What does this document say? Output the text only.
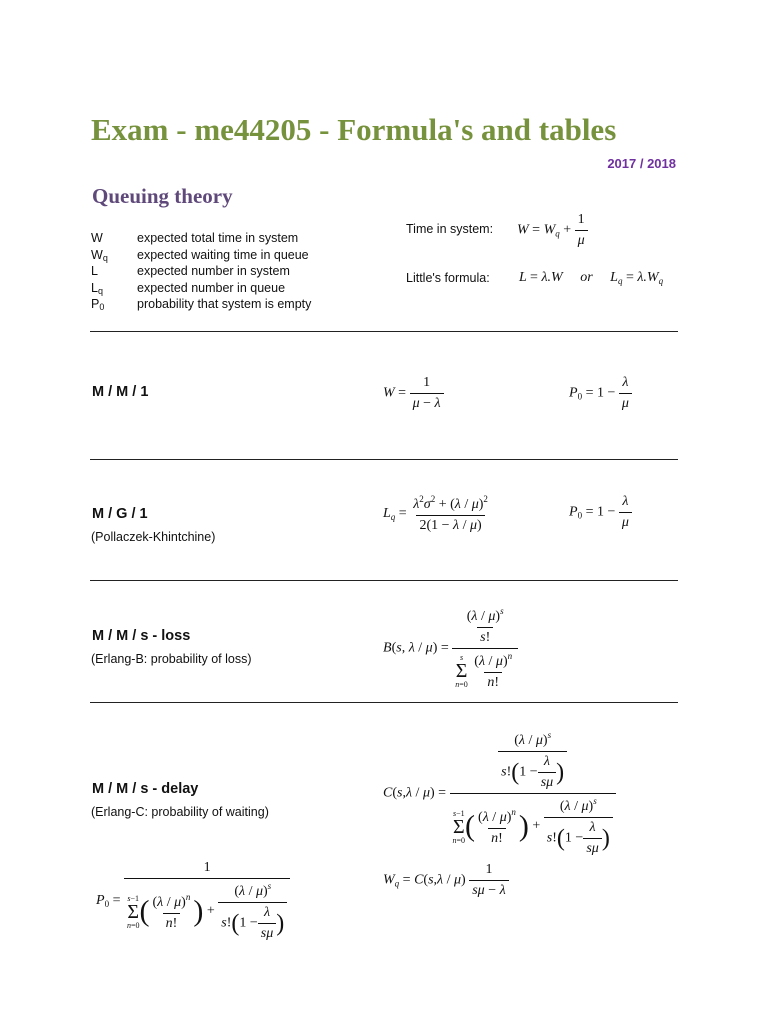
Exam - me44205 - Formula's and tables
2017 / 2018
Queuing theory
W	expected total time in system
$W_q$	expected waiting time in queue
L	expected number in system
$L_q$	expected number in queue
$P_0$	probability that system is empty
Time in system: $W = W_q + \frac{1}{\mu}$
Little's formula: L = λ.W     or     $L_q = \lambda.W_q$
M / M / 1	$W = \frac{1}{\mu - \lambda}$	$P_0 = 1 - \frac{\lambda}{\mu}$
M / G / 1
(Pollaczek-Khintchine)
$L_q = \frac{\lambda^2\sigma^2 + (\lambda / \mu)^2}{2(1 - \lambda / \mu)}$	$P_0 = 1 - \frac{\lambda}{\mu}$
M / M / s - loss
(Erlang-B: probability of loss)
B(s, $\lambda / \mu) = \frac{(\lambda / \mu)^s}{s!}$
s
Σ
n=0
$\frac{(\lambda / \mu)^n}{n!}$
M / M / s - delay
(Erlang-C: probability of waiting)
$C(s,\lambda / \mu) = \frac{(\lambda / \mu)^s}{s!(1 - \frac{\lambda}{s\mu} )}$
s−1
Σ
n=0 ( $\frac{(\lambda / \mu)^n}{n!}$ ) + $\frac{(\lambda / \mu)^s}{s!(1 - \frac{\lambda}{s\mu} )}$
$P_0 = 1$
s−1
Σ
n=0 ( $\frac{(\lambda / \mu)^n}{n!}$ ) + $\frac{(\lambda / \mu)^s}{s!(1 - \frac{\lambda}{s\mu} )}$	$W_q = C(s,\lambda / \mu) \frac{1}{s\mu - \lambda}$
